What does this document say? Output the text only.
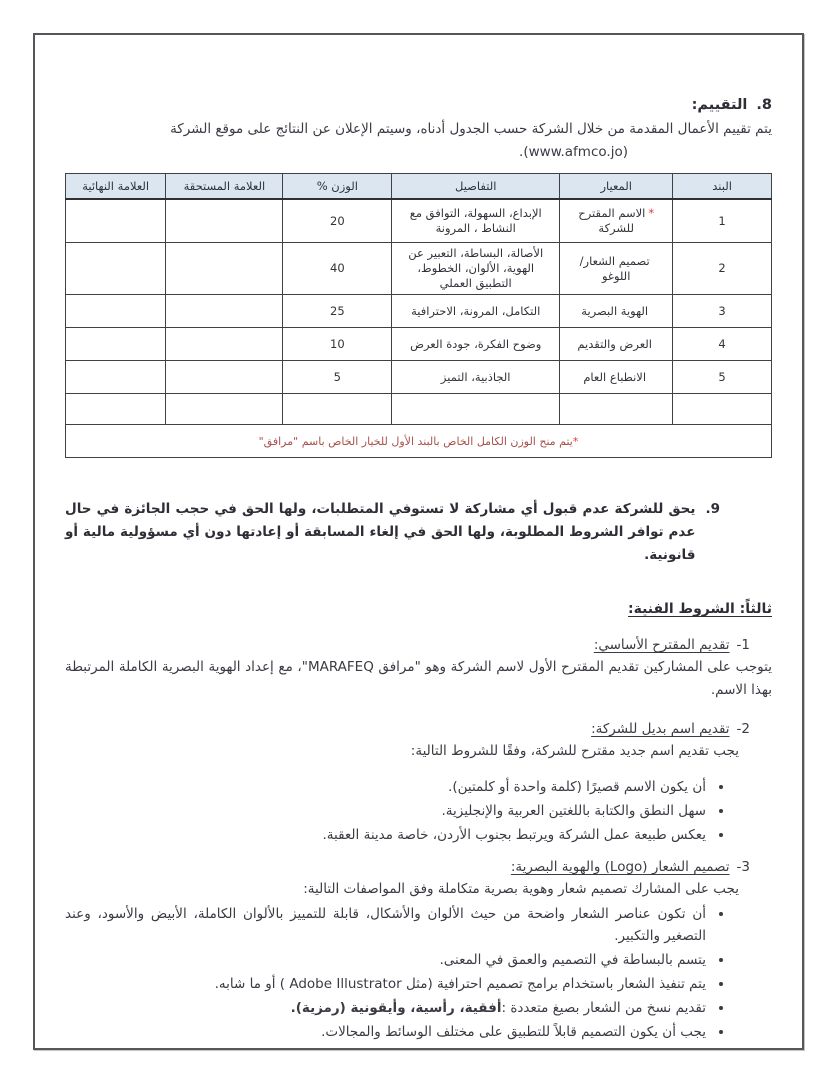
8.
التقييم:
يتم تقييم الأعمال المقدمة من خلال الشركة حسب الجدول أدناه، وسيتم الإعلان عن النتائج على موقع الشركة
(www.afmco.jo).
البند	المعيار	التفاصيل	الوزن %	العلامة المستحقة	العلامة النهائية
1	*الاسم المقترح للشركة	الإبداع، السهولة، التوافق مع النشاط ، المرونة	20		
2	تصميم الشعار/ اللوغو	الأصالة، البساطة، التعبير عن الهوية، الألوان، الخطوط، التطبيق العملي	40		
3	الهوية البصرية	التكامل، المرونة، الاحترافية	25		
4	العرض والتقديم	وضوح الفكرة، جودة العرض	10		
5	الانطباع العام	الجاذبية، التميز	5		

*يتم منح الوزن الكامل الخاص بالبند الأول للخيار الخاص باسم "مرافق"					
9.
يحق للشركة عدم قبول أي مشاركة لا تستوفي المتطلبات، ولها الحق في حجب الجائزة في حال عدم توافر الشروط المطلوبة، ولها الحق في إلغاء المسابقة أو إعادتها دون أي مسؤولية مالية أو قانونية.
ثالثاً: الشروط الفنية:
1-
تقديم المقترح الأساسي:
يتوجب على المشاركين تقديم المقترح الأول لاسم الشركة وهو "مرافق MARAFEQ"، مع إعداد الهوية البصرية الكاملة المرتبطة بهذا الاسم.
2-
تقديم اسم بديل للشركة:
يجب تقديم اسم جديد مقترح للشركة، وفقًا للشروط التالية:
• أن يكون الاسم قصيرًا (كلمة واحدة أو كلمتين).
• سهل النطق والكتابة باللغتين العربية والإنجليزية.
• يعكس طبيعة عمل الشركة ويرتبط بجنوب الأردن، خاصة مدينة العقبة.
3-
تصميم الشعار (Logo) والهوية البصرية:
يجب على المشارك تصميم شعار وهوية بصرية متكاملة وفق المواصفات التالية:
• أن تكون عناصر الشعار واضحة من حيث الألوان والأشكال، قابلة للتمييز بالألوان الكاملة، الأبيض والأسود، وعند التصغير والتكبير.
• يتسم بالبساطة في التصميم والعمق في المعنى.
• يتم تنفيذ الشعار باستخدام برامج تصميم احترافية (مثل Adobe Illustrator ) أو ما شابه.
• تقديم نسخ من الشعار بصيغ متعددة :أفقية، رأسية، وأيقونية (رمزية).
• يجب أن يكون التصميم قابلاً للتطبيق على مختلف الوسائط والمجالات.
